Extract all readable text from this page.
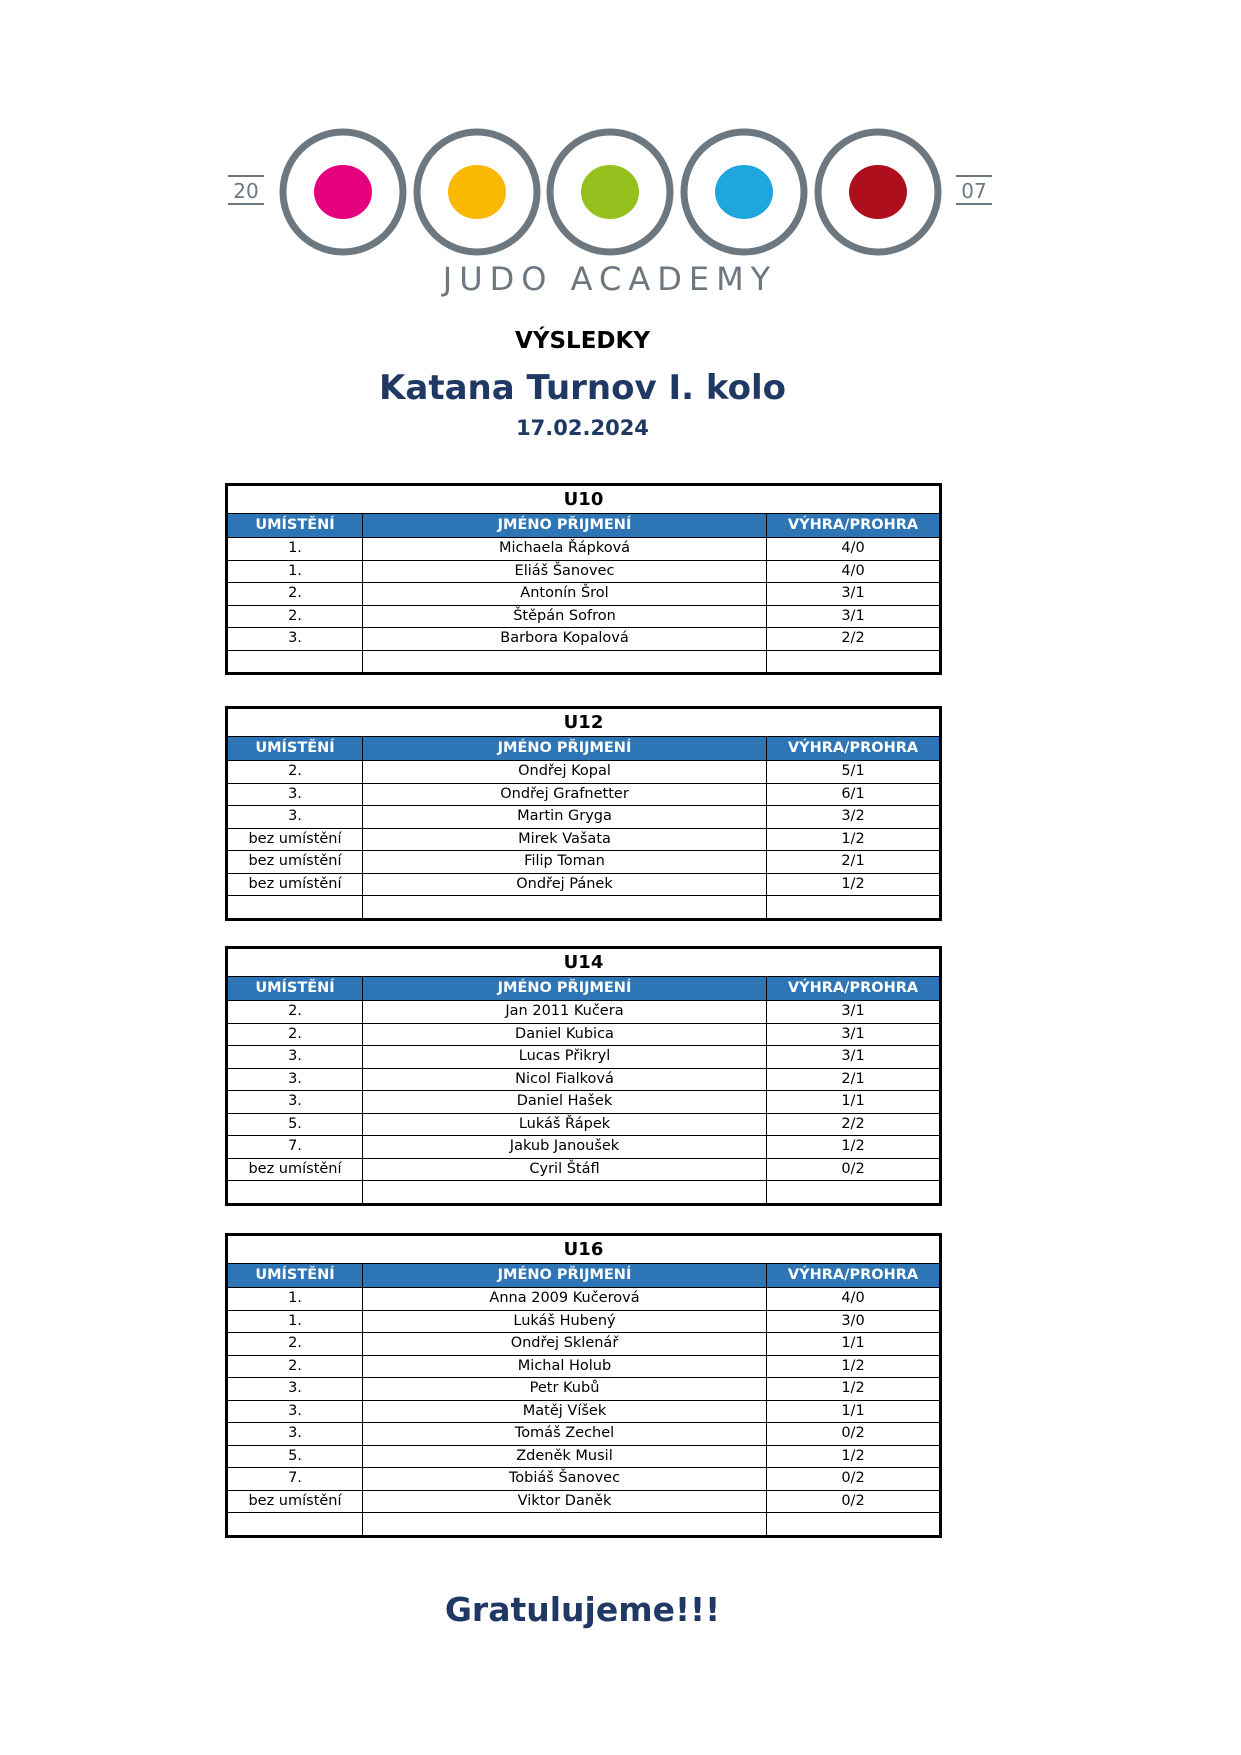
20	07
JUDO ACADEMY
VÝSLEDKY
Katana Turnov I. kolo
17.02.2024
U10		
UMÍSTĚNÍ	JMÉNO PŘIJMENÍ	VÝHRA/PROHRA
1.	Michaela Řápková	4/0
1.	Eliáš Šanovec	4/0
2.	Antonín Šrol	3/1
2.	Štěpán Sofron	3/1
3.	Barbora Kopalová	2/2

U12		
UMÍSTĚNÍ	JMÉNO PŘIJMENÍ	VÝHRA/PROHRA
2.	Ondřej Kopal	5/1
3.	Ondřej Grafnetter	6/1
3.	Martin Gryga	3/2
bez umístění	Mirek Vašata	1/2
bez umístění	Filip Toman	2/1
bez umístění	Ondřej Pánek	1/2

U14		
UMÍSTĚNÍ	JMÉNO PŘIJMENÍ	VÝHRA/PROHRA
2.	Jan 2011 Kučera	3/1
2.	Daniel Kubica	3/1
3.	Lucas Přikryl	3/1
3.	Nicol Fialková	2/1
3.	Daniel Hašek	1/1
5.	Lukáš Řápek	2/2
7.	Jakub Janoušek	1/2
bez umístění	Cyril Štáfl	0/2

U16		
UMÍSTĚNÍ	JMÉNO PŘIJMENÍ	VÝHRA/PROHRA
1.	Anna 2009 Kučerová	4/0
1.	Lukáš Hubený	3/0
2.	Ondřej Sklenář	1/1
2.	Michal Holub	1/2
3.	Petr Kubů	1/2
3.	Matěj Víšek	1/1
3.	Tomáš Zechel	0/2
5.	Zdeněk Musil	1/2
7.	Tobiáš Šanovec	0/2
bez umístění	Viktor Daněk	0/2

Gratulujeme!!!
